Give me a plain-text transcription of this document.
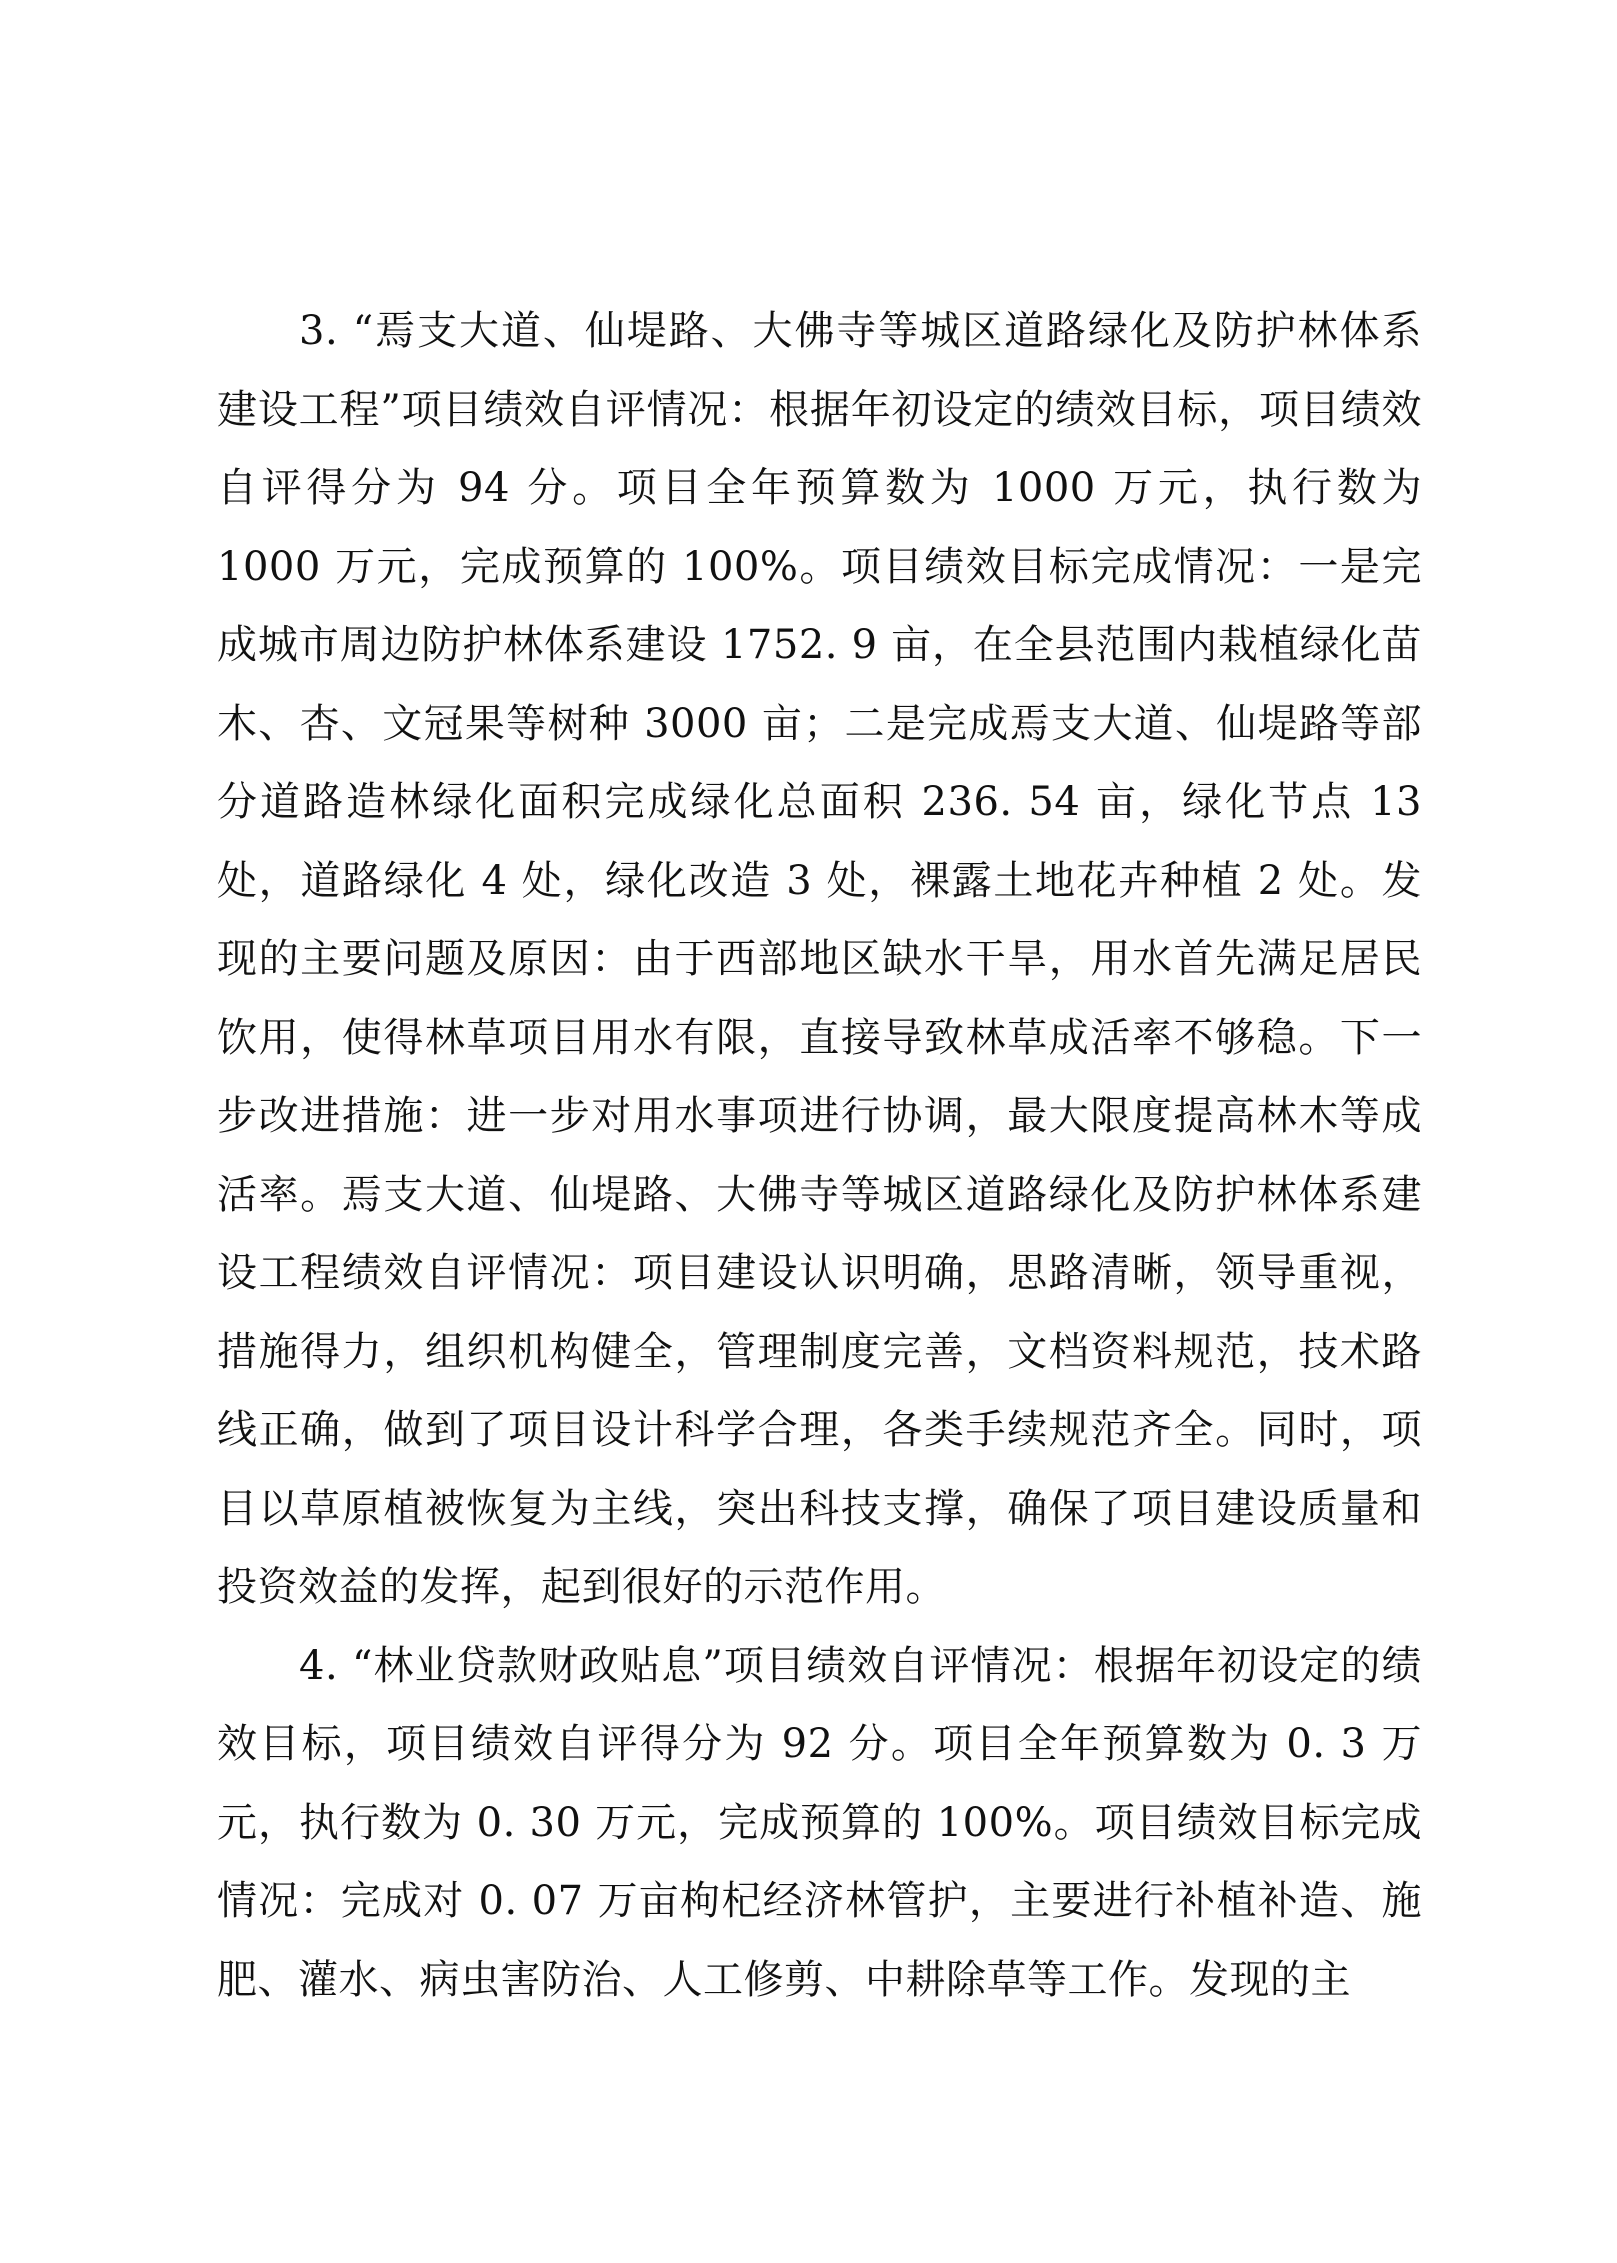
3. “焉支大道、仙堤路、大佛寺等城区道路绿化及防护林体系建设工程”项目绩效自评情况：根据年初设定的绩效目标，项目绩效自评得分为 94 分。项目全年预算数为 1000 万元，执行数为 1000 万元，完成预算的 100%。项目绩效目标完成情况：一是完成城市周边防护林体系建设 1752. 9 亩，在全县范围内栽植绿化苗木、杏、文冠果等树种 3000 亩；二是完成焉支大道、仙堤路等部分道路造林绿化面积完成绿化总面积 236. 54 亩，绿化节点 13 处，道路绿化 4 处，绿化改造 3 处，裸露土地花卉种植 2 处。发现的主要问题及原因：由于西部地区缺水干旱，用水首先满足居民饮用，使得林草项目用水有限，直接导致林草成活率不够稳。下一步改进措施：进一步对用水事项进行协调，最大限度提高林木等成活率。焉支大道、仙堤路、大佛寺等城区道路绿化及防护林体系建设工程绩效自评情况：项目建设认识明确，思路清晰，领导重视，措施得力，组织机构健全，管理制度完善，文档资料规范，技术路线正确，做到了项目设计科学合理，各类手续规范齐全。同时，项目以草原植被恢复为主线，突出科技支撑，确保了项目建设质量和投资效益的发挥，起到很好的示范作用。

4. “林业贷款财政贴息”项目绩效自评情况：根据年初设定的绩效目标，项目绩效自评得分为 92 分。项目全年预算数为 0. 3 万元，执行数为 0. 30 万元，完成预算的 100%。项目绩效目标完成情况：完成对 0. 07 万亩枸杞经济林管护，主要进行补植补造、施肥、灌水、病虫害防治、人工修剪、中耕除草等工作。发现的主
